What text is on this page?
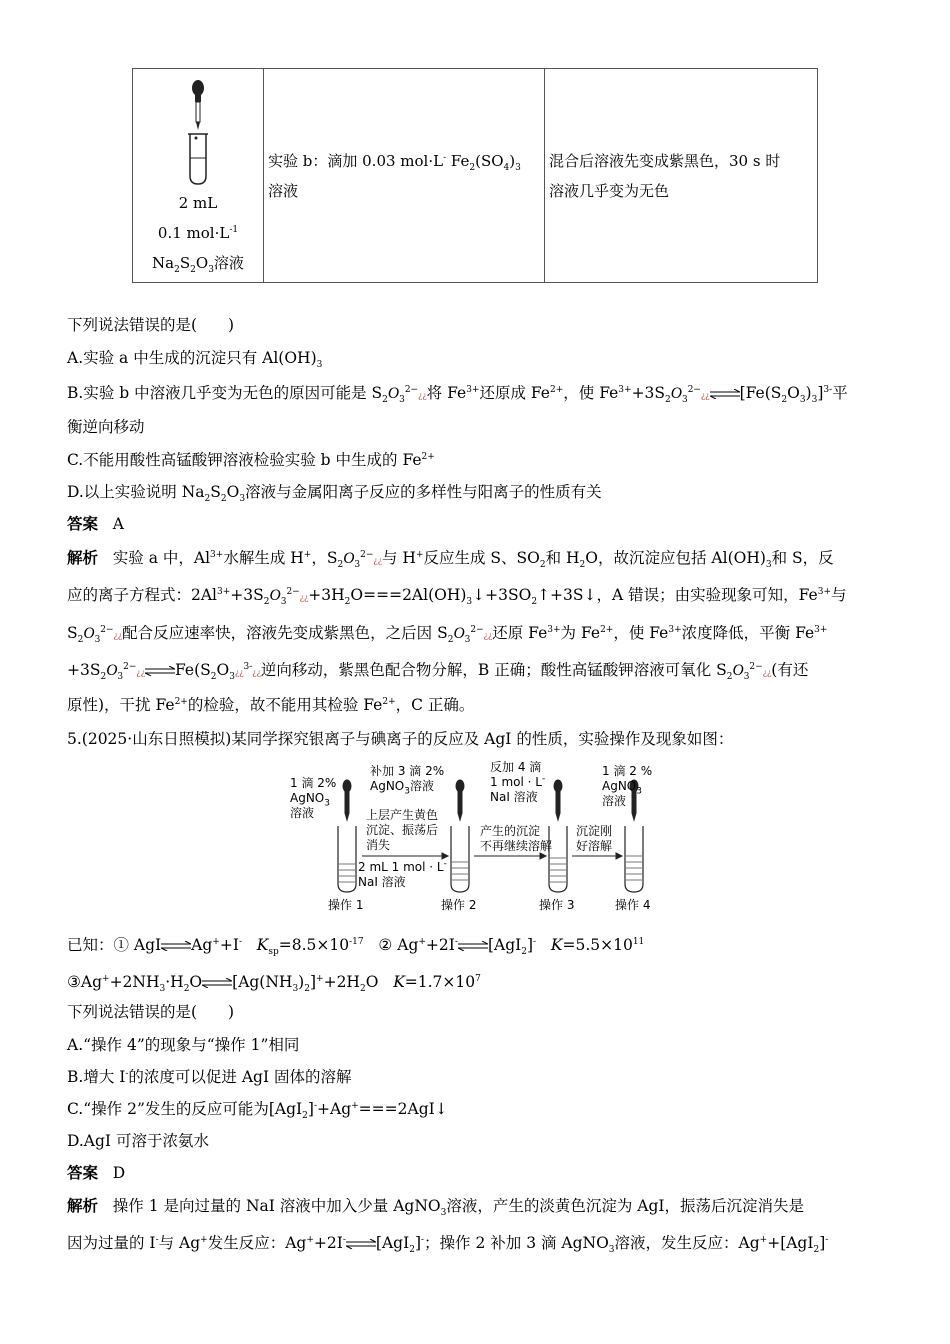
2 mL
0.1 $mol\cdot L^{-1}$
$Na_2S_2O_3$溶液

实验 b：滴加 0.03 mol·L- $Fe_2(SO_4)_3$
溶液

混合后溶液先变成紫黑色，30 s 时
溶液几乎变为无色
下列说法错误的是(　　)
A.实验 a 中生成的沉淀只有 $Al(OH)_3$
B.实验 b 中溶液几乎变为无色的原因可能是 $S_2O_3^{2-}¿¿$将 $Fe^{3+}$还原成 $Fe^{2+}$，使 $Fe^{3+}+3S_2O_3^{2-}¿¿\rightleftharpoons[Fe(S_2O_3)_3]^{3-}$平
衡逆向移动
C.不能用酸性高锰酸钾溶液检验实验 b 中生成的 $Fe^{2+}$
D.以上实验说明 $Na_2S_2O_3$溶液与金属阳离子反应的多样性与阳离子的性质有关
答案 A
解析 实验 a 中，$Al^{3+}$水解生成 H+，$S_2O_3^{2-}¿¿$与 H+反应生成 S、$SO_2$和 $H_2O$，故沉淀应包括 $Al(OH)_3$和 S，反
应的离子方程式：$2Al^{3+}+3S_2O_3^{2-}¿¿+3H_2O===2Al(OH)_3↓+3SO_2↑+3S↓$，A 错误；由实验现象可知，$Fe^{3+}$与
$S_2O_3^{2-}¿¿$配合反应速率快，溶液先变成紫黑色，之后因 $S_2O_3^{2-}¿¿$还原 $Fe^{3+}$为 $Fe^{2+}$，使 $Fe^{3+}$浓度降低，平衡 $Fe^{3+}$
$+3S_2O_3^{2-}¿¿\rightleftharpoons Fe(S_2O_3¿¿^{3-}¿¿$逆向移动，紫黑色配合物分解，B 正确；酸性高锰酸钾溶液可氧化 $S_2O_3^{2-}¿¿$(有还
原性)，干扰 $Fe^{2+}$的检验，故不能用其检验 $Fe^{2+}$，C 正确。
5.(2025·山东日照模拟)某同学探究银离子与碘离子的反应及 AgI 的性质，实验操作及现象如图：
1 滴 2%
AgNO$_3$
溶液
补加 3 滴 2%
AgNO$_3$溶液
反加 4 滴
1 mol · L-
NaI 溶液
1 滴 2 %
AgNO$_3$
溶液
上层产生黄色
沉淀、振荡后
消失
产生的沉淀
不再继续溶解
沉淀刚
好溶解
2 mL 1 mol · L-
NaI 溶液
操作 1	操作 2	操作 3	操作 4
已知：① AgI⇌Ag++I- $K_{sp}=8.5\times 10^{-17}$ ② Ag++2I-⇌[AgI$_2$]- $K=5.5\times 10^{11}$
$③Ag^++2NH_3\cdot H_2O\rightleftharpoons[Ag(NH_3)_2]^++2H_2O$ $K=1.7\times 10^7$
下列说法错误的是(　　)
A.“操作 4”的现象与“操作 1”相同
B.增大 I-的浓度可以促进 AgI 固体的溶解
C.“操作 2”发生的反应可能为[AgI$_2$]-+Ag+===2AgI↓
D.AgI 可溶于浓氨水
答案 D
解析 操作 1 是向过量的 NaI 溶液中加入少量 AgNO$_3$溶液，产生的淡黄色沉淀为 AgI，振荡后沉淀消失是
因为过量的 I-与 Ag+发生反应：Ag++2I-⇌[AgI$_2$]-；操作 2 补加 3 滴 AgNO$_3$溶液，发生反应：Ag++[AgI$_2$]-
